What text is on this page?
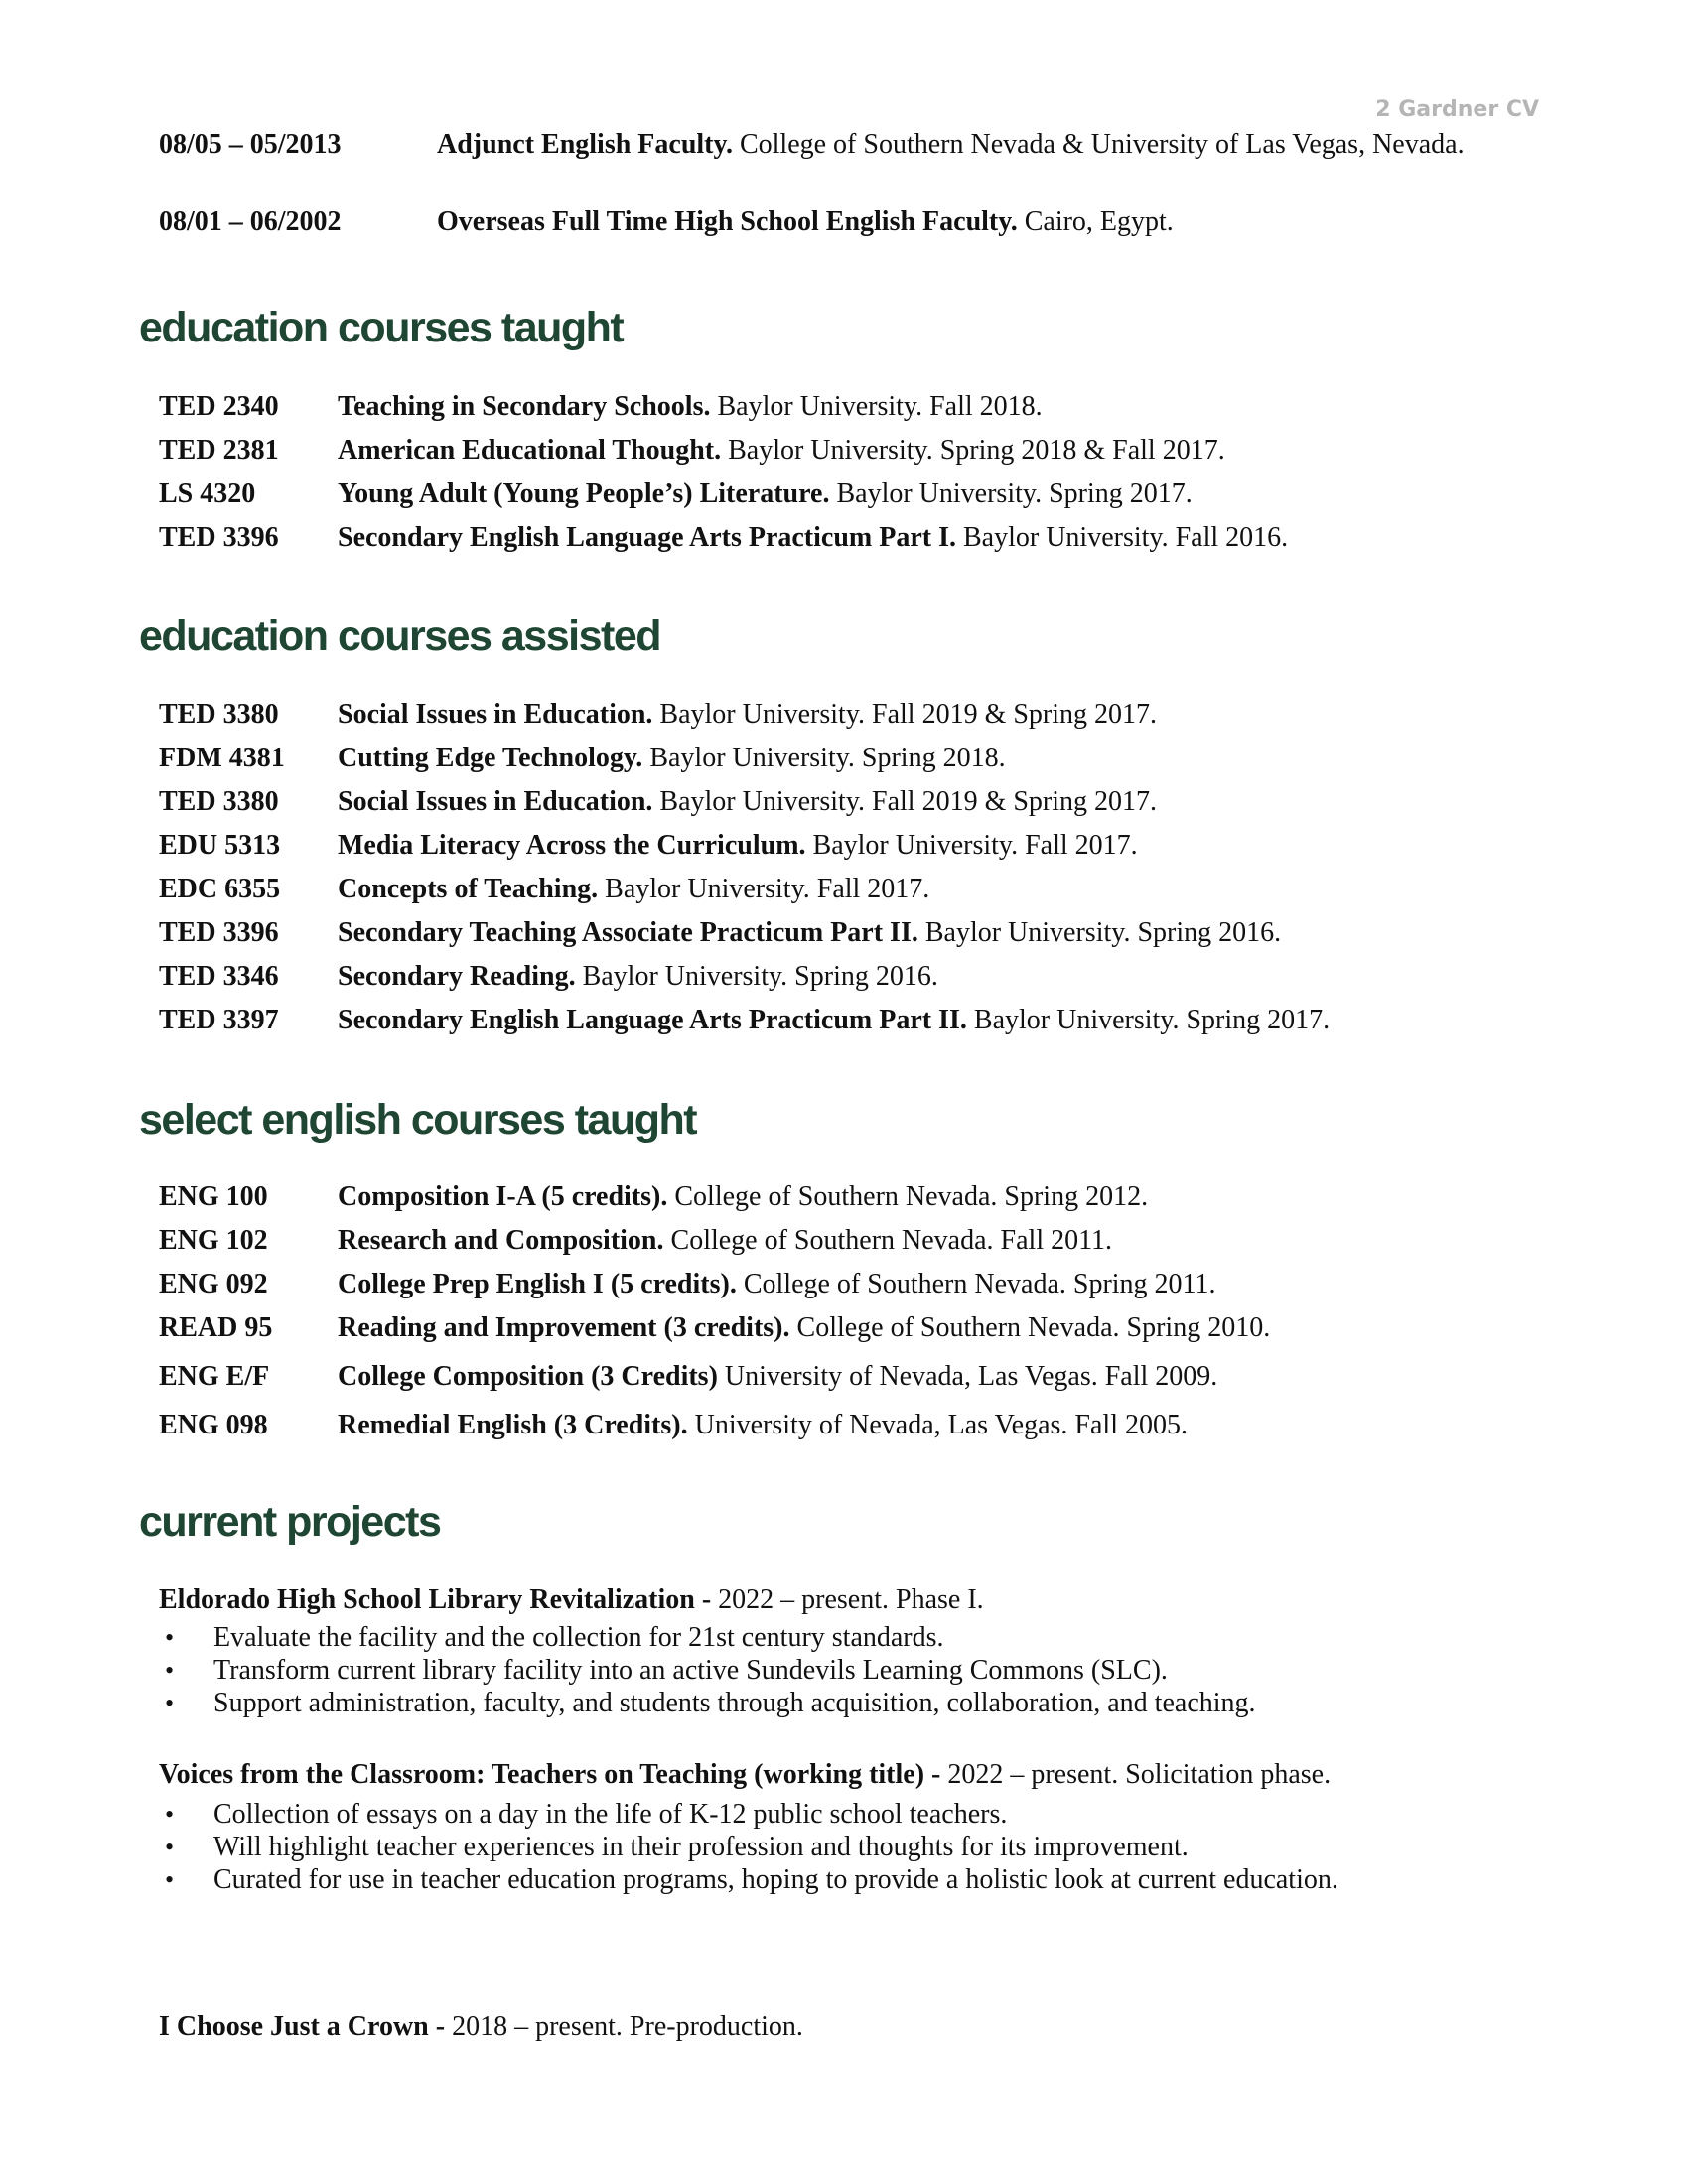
2 Gardner CV
08/05 – 05/2013	Adjunct English Faculty. College of Southern Nevada & University of Las Vegas, Nevada.
08/01 – 06/2002	Overseas Full Time High School English Faculty. Cairo, Egypt.
education courses taught
TED 2340 Teaching in Secondary Schools. Baylor University. Fall 2018.
TED 2381 American Educational Thought. Baylor University. Spring 2018 & Fall 2017.
LS 4320	Young Adult (Young People’s) Literature. Baylor University. Spring 2017.
TED 3396 Secondary English Language Arts Practicum Part I. Baylor University. Fall 2016.
education courses assisted
TED 3380 Social Issues in Education. Baylor University. Fall 2019 & Spring 2017.
FDM 4381 Cutting Edge Technology. Baylor University. Spring 2018.
TED 3380 Social Issues in Education. Baylor University. Fall 2019 & Spring 2017.
EDU 5313 Media Literacy Across the Curriculum. Baylor University. Fall 2017.
EDC 6355 Concepts of Teaching. Baylor University. Fall 2017.
TED 3396 Secondary Teaching Associate Practicum Part II. Baylor University. Spring 2016.
TED 3346 Secondary Reading. Baylor University. Spring 2016.
TED 3397 Secondary English Language Arts Practicum Part II. Baylor University. Spring 2017.
select english courses taught
ENG 100	Composition I-A (5 credits). College of Southern Nevada. Spring 2012.
ENG 102	Research and Composition. College of Southern Nevada. Fall 2011.
ENG 092	College Prep English I (5 credits). College of Southern Nevada. Spring 2011.
READ 95 Reading and Improvement (3 credits). College of Southern Nevada. Spring 2010.
ENG E/F College Composition (3 Credits) University of Nevada, Las Vegas. Fall 2009.
ENG 098	Remedial English (3 Credits). University of Nevada, Las Vegas. Fall 2005.
current projects
Eldorado High School Library Revitalization - 2022 – present. Phase I.
• Evaluate the facility and the collection for 21st century standards.
• Transform current library facility into an active Sundevils Learning Commons (SLC).
• Support administration, faculty, and students through acquisition, collaboration, and teaching.
Voices from the Classroom: Teachers on Teaching (working title) - 2022 – present. Solicitation phase.
• Collection of essays on a day in the life of K-12 public school teachers.
• Will highlight teacher experiences in their profession and thoughts for its improvement.
• Curated for use in teacher education programs, hoping to provide a holistic look at current education.
I Choose Just a Crown - 2018 – present. Pre-production.
